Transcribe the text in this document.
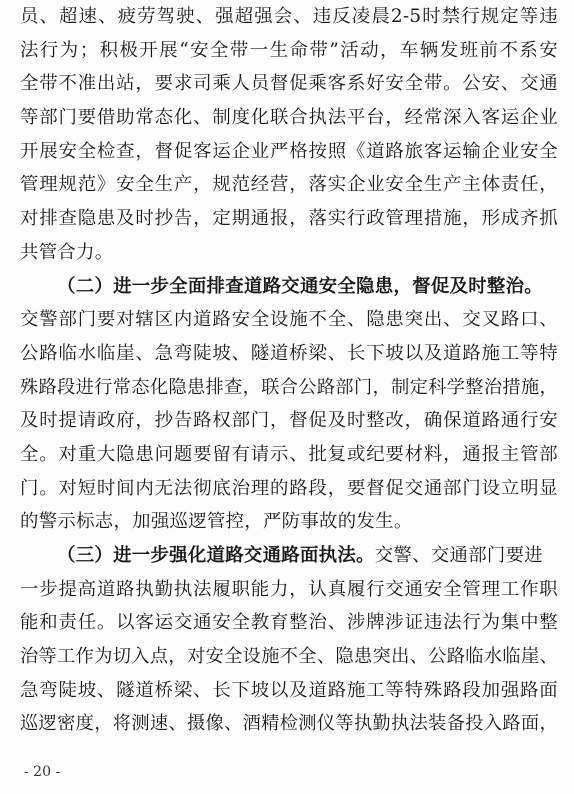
员、超速、疲劳驾驶、强超强会、违反凌晨2-5时禁行规定等违
法行为；积极开展“安全带一生命带”活动，车辆发班前不系安
全带不准出站，要求司乘人员督促乘客系好安全带。公安、交通
等部门要借助常态化、制度化联合执法平台，经常深入客运企业
开展安全检查，督促客运企业严格按照《道路旅客运输企业安全
管理规范》安全生产，规范经营，落实企业安全生产主体责任，
对排查隐患及时抄告，定期通报，落实行政管理措施，形成齐抓
共管合力。
（二）进一步全面排查道路交通安全隐患，督促及时整治。
交警部门要对辖区内道路安全设施不全、隐患突出、交叉路口、
公路临水临崖、急弯陡坡、隧道桥梁、长下坡以及道路施工等特
殊路段进行常态化隐患排查，联合公路部门，制定科学整治措施，
及时提请政府，抄告路权部门，督促及时整改，确保道路通行安
全。对重大隐患问题要留有请示、批复或纪要材料，通报主管部
门。对短时间内无法彻底治理的路段，要督促交通部门设立明显
的警示标志，加强巡逻管控，严防事故的发生。
（三）进一步强化道路交通路面执法。交警、交通部门要进
一步提高道路执勤执法履职能力，认真履行交通安全管理工作职
能和责任。以客运交通安全教育整治、涉牌涉证违法行为集中整
治等工作为切入点，对安全设施不全、隐患突出、公路临水临崖、
急弯陡坡、隧道桥梁、长下坡以及道路施工等特殊路段加强路面
巡逻密度，将测速、摄像、酒精检测仪等执勤执法装备投入路面，
- 20 -
